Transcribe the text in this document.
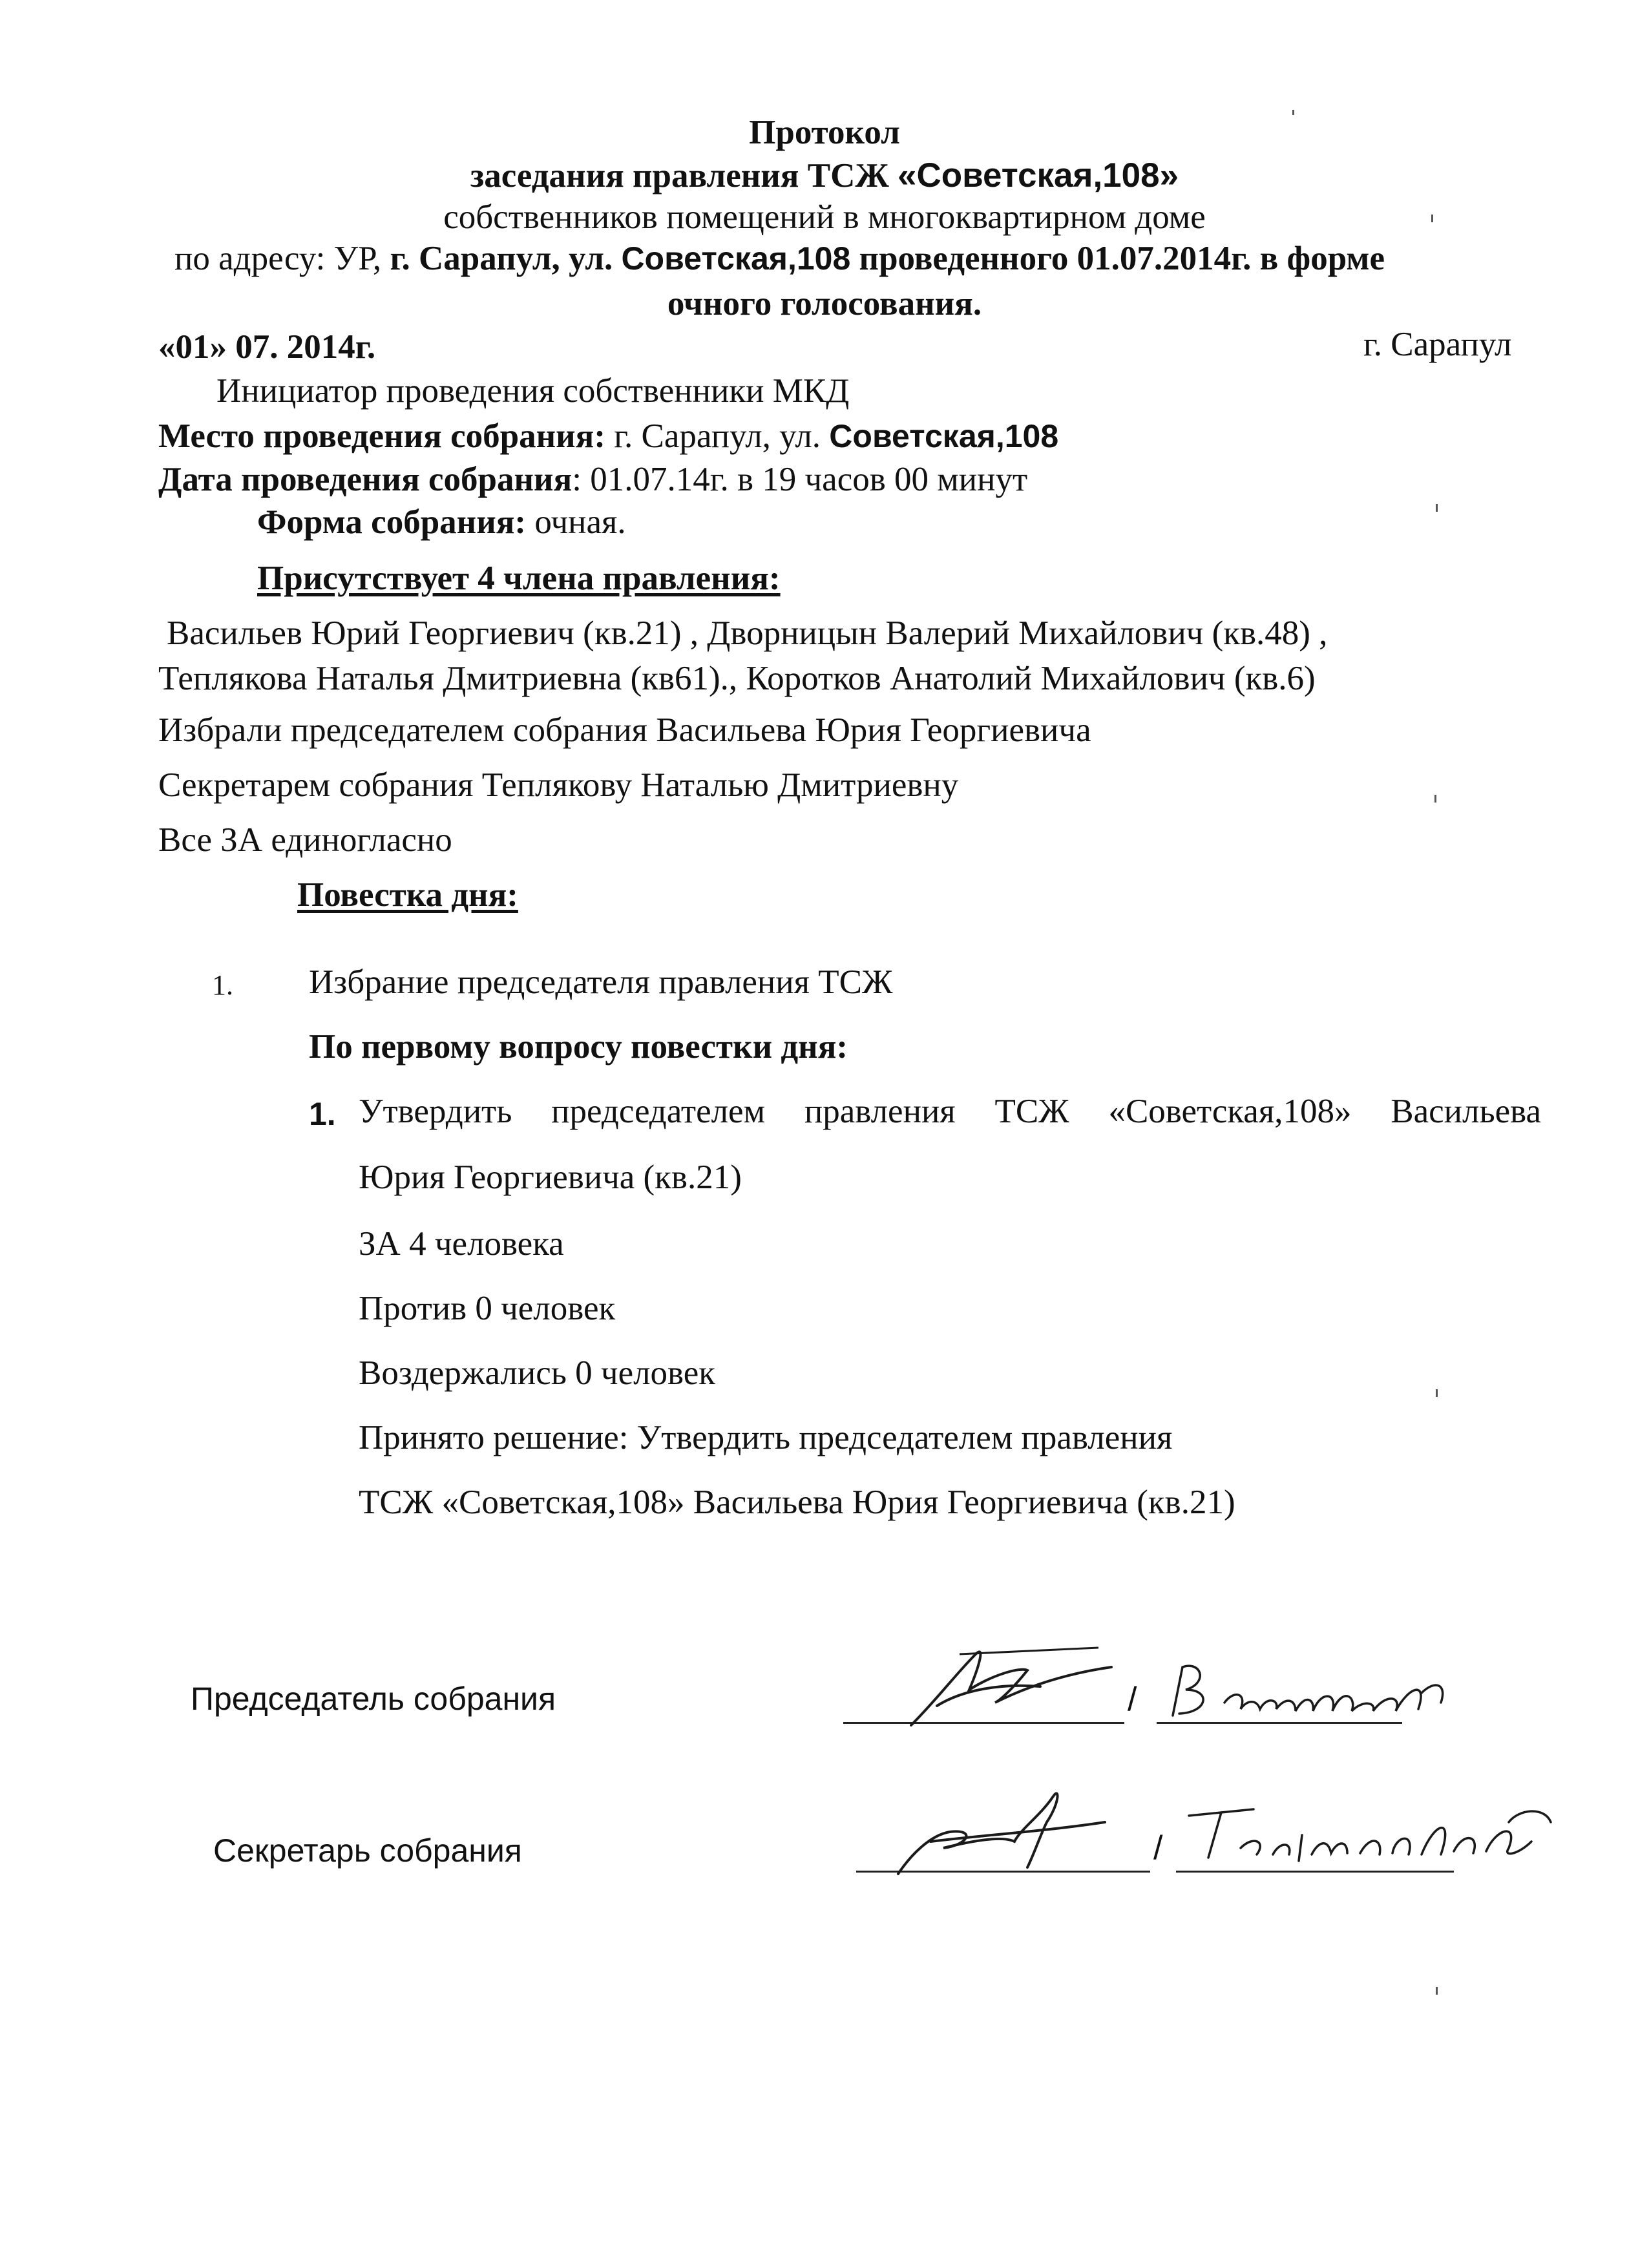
Протокол
заседания правления ТСЖ «Советская,108»
собственников помещений в многоквартирном доме
по адресу: УР, г. Сарапул, ул. Советская,108 проведенного 01.07.2014г. в форме
очного голосования.
«01» 07. 2014г.	г. Сарапул
Инициатор проведения собственники МКД
Место проведения собрания: г. Сарапул, ул. Советская,108
Дата проведения собрания: 01.07.14г. в 19 часов 00 минут
Форма собрания: очная.
Присутствует 4 члена правления:
Васильев Юрий Георгиевич (кв.21) , Дворницын Валерий Михайлович (кв.48) ,
Теплякова Наталья Дмитриевна (кв61)., Коротков Анатолий Михайлович (кв.6)
Избрали председателем собрания Васильева Юрия Георгиевича
Секретарем собрания Теплякову Наталью Дмитриевну
Все ЗА единогласно
Повестка дня:
1. Избрание председателя правления ТСЖ
По первому вопросу повестки дня:
1. Утвердить председателем правления ТСЖ «Советская,108» Васильева
Юрия Георгиевича (кв.21)
ЗА 4 человека
Против 0 человек
Воздержались 0 человек
Принято решение: Утвердить председателем правления
ТСЖ «Советская,108» Васильева Юрия Георгиевича (кв.21)
Председатель собрания	/
Секретарь собрания	/
